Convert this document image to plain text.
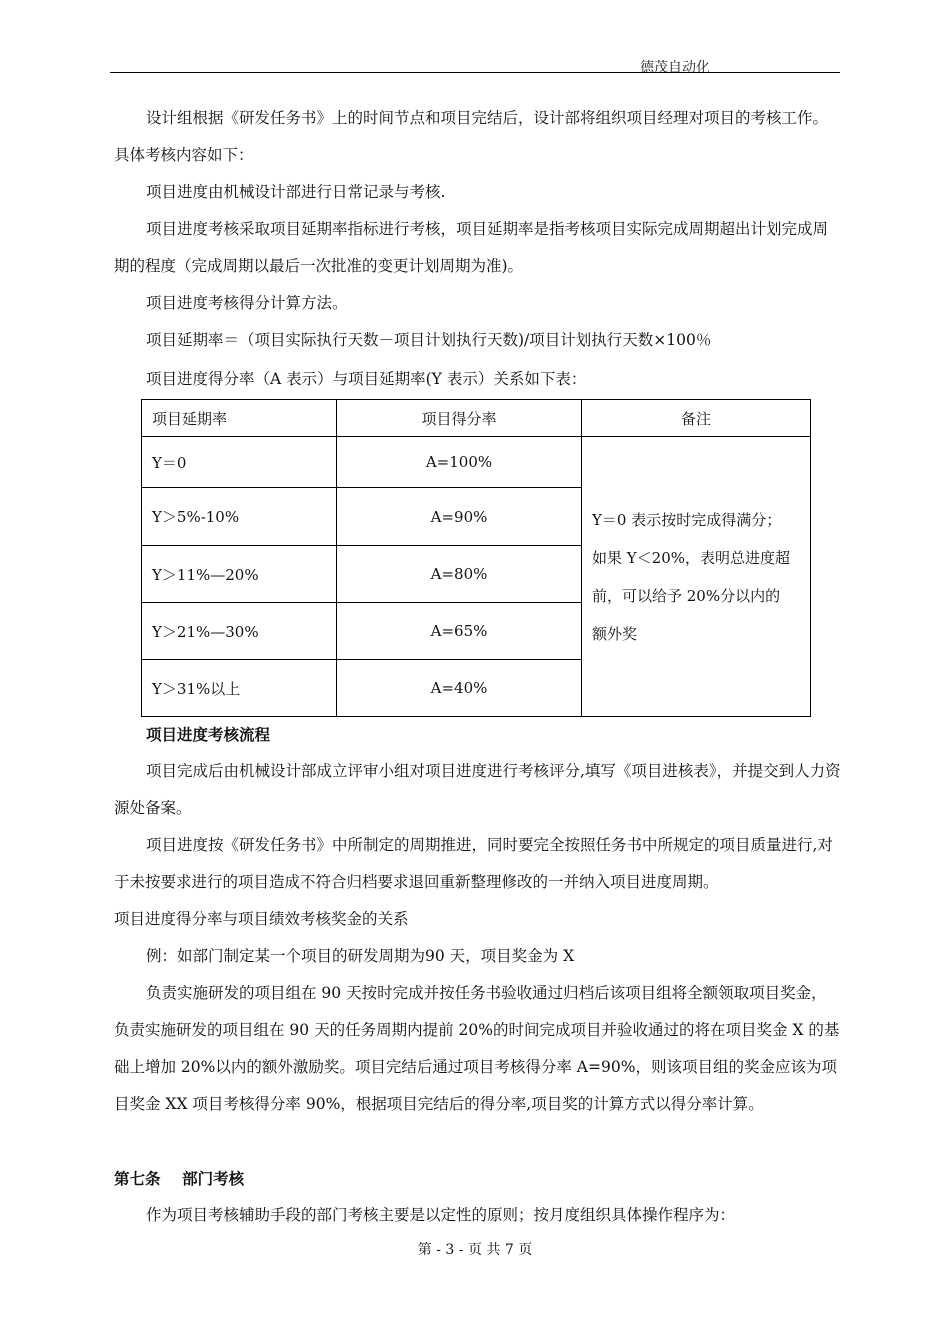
德茂自动化
设计组根据《研发任务书》上的时间节点和项目完结后，设计部将组织项目经理对项目的考核工作。具体考核内容如下：
项目进度由机械设计部进行日常记录与考核.
项目进度考核采取项目延期率指标进行考核，项目延期率是指考核项目实际完成周期超出计划完成周期的程度（完成周期以最后一次批准的变更计划周期为准)。
项目进度考核得分计算方法。
项目延期率＝（项目实际执行天数－项目计划执行天数)/项目计划执行天数×100％
项目进度得分率（A 表示）与项目延期率(Y 表示）关系如下表：
项目延期率	项目得分率	备注
Y＝0	A=100%	Y＝0 表示按时完成得满分；
如果 Y＜20%，表明总进度超
前，可以给予 20%分以内的
额外奖

Y＞5%-10%	A=90%	
Y＞11%—20%	A=80%	
Y＞21%—30%	A=65%	
Y＞31%以上	A=40%	
项目进度考核流程
项目完成后由机械设计部成立评审小组对项目进度进行考核评分,填写《项目进核表》，并提交到人力资源处备案。
项目进度按《研发任务书》中所制定的周期推进，同时要完全按照任务书中所规定的项目质量进行,对于未按要求进行的项目造成不符合归档要求退回重新整理修改的一并纳入项目进度周期。
项目进度得分率与项目绩效考核奖金的关系
例：如部门制定某一个项目的研发周期为90 天，项目奖金为 X
负责实施研发的项目组在 90 天按时完成并按任务书验收通过归档后该项目组将全额领取项目奖金，负责实施研发的项目组在 90 天的任务周期内提前 20%的时间完成项目并验收通过的将在项目奖金 X 的基础上增加 20%以内的额外激励奖。项目完结后通过项目考核得分率 A=90%，则该项目组的奖金应该为项目奖金 XX 项目考核得分率 90%，根据项目完结后的得分率,项目奖的计算方式以得分率计算。
第七条    部门考核
作为项目考核辅助手段的部门考核主要是以定性的原则；按月度组织具体操作程序为：
第 - 3 - 页 共 7 页
